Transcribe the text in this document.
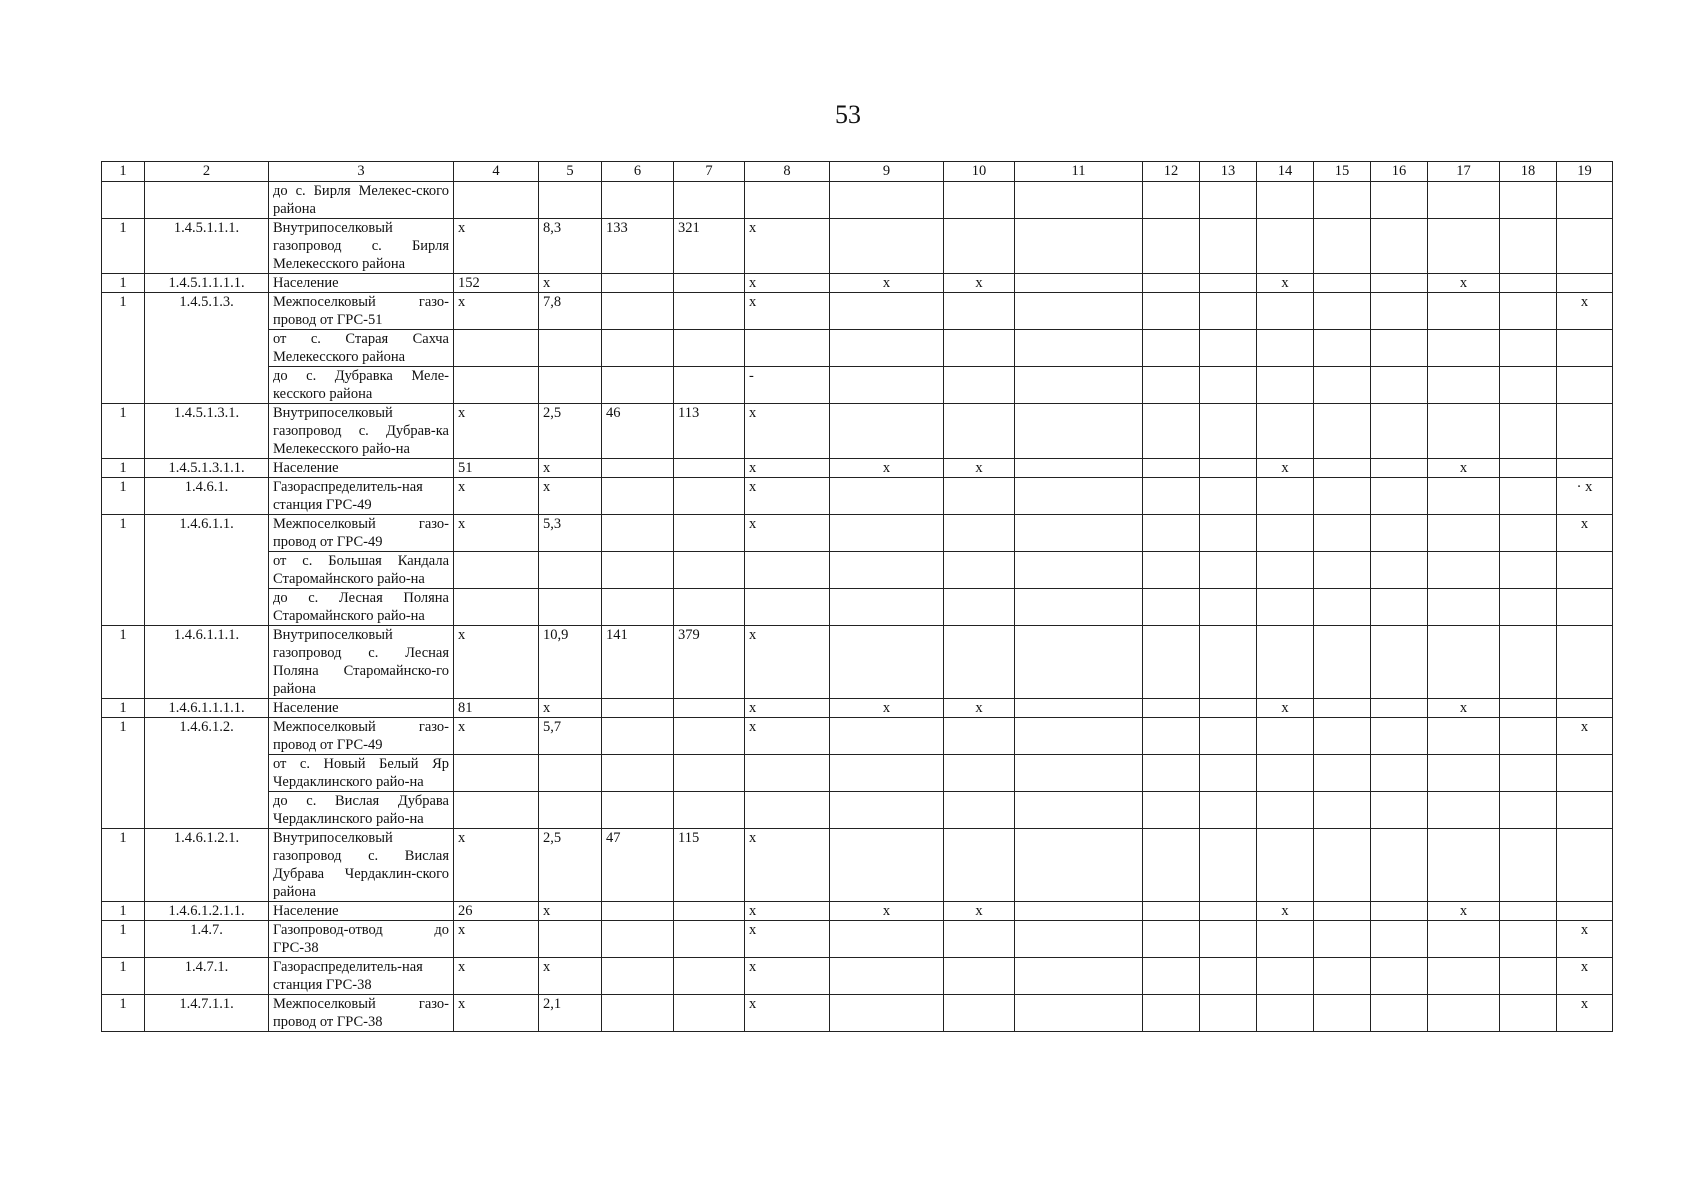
53
1	2	3	4	5	6	7	8	9	10	11	12	13	14	15	16	17	18	19
		до с. Бирля Мелекес-ского района																
1	1.4.5.1.1.1.	Внутрипоселковый газопровод с. Бирля Мелекесского района	x	8,3	133	321	x											
1	1.4.5.1.1.1.1.	Население	152	x			x	x	x				x			x		
1	1.4.5.1.3.	Межпоселковый газо-провод от ГРС-51	x	7,8			x											x
		от с. Старая Сахча Мелекесского района																
		до с. Дубравка Меле-кесского района					-											
1	1.4.5.1.3.1.	Внутрипоселковый газопровод с. Дубрав-ка Мелекесского райо-на	x	2,5	46	113	x											
1	1.4.5.1.3.1.1.	Население	51	x			x	x	x				x			x		
1	1.4.6.1.	Газораспределитель-ная станция ГРС-49	x	x			x											· x
1	1.4.6.1.1.	Межпоселковый газо-провод от ГРС-49	x	5,3			x											x
		от с. Большая Кандала Старомайнского райо-на																
		до с. Лесная Поляна Старомайнского райо-на																
1	1.4.6.1.1.1.	Внутрипоселковый газопровод с. Лесная Поляна Старомайнско-го района	x	10,9	141	379	x											
1	1.4.6.1.1.1.1.	Население	81	x			x	x	x				x			x		
1	1.4.6.1.2.	Межпоселковый газо-провод от ГРС-49	x	5,7			x											x
		от с. Новый Белый Яр Чердаклинского райо-на																
		до с. Вислая Дубрава Чердаклинского райо-на																
1	1.4.6.1.2.1.	Внутрипоселковый газопровод с. Вислая Дубрава Чердаклин-ского района	x	2,5	47	115	x											
1	1.4.6.1.2.1.1.	Население	26	x			x	x	x				x			x		
1	1.4.7.	Газопровод-отвод до ГРС-38	x				x											x
1	1.4.7.1.	Газораспределитель-ная станция ГРС-38	x	x			x											x
1	1.4.7.1.1.	Межпоселковый газо-провод от ГРС-38	x	2,1			x											x
